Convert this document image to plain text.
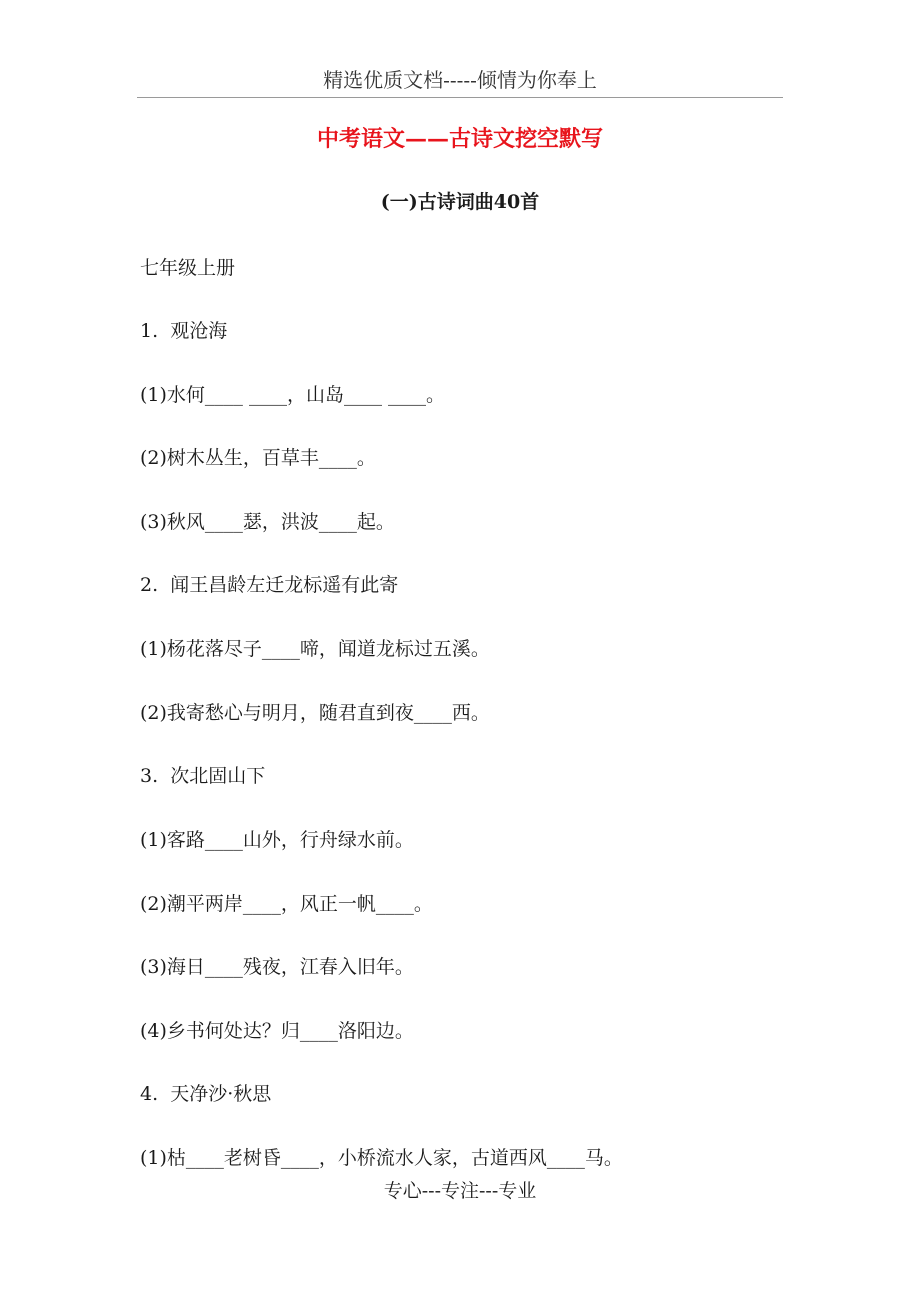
精选优质文档-----倾情为你奉上
中考语文——古诗文挖空默写
(一)古诗词曲40首
七年级上册
1.  观沧海
(1)水何____ ____，山岛____ ____。
(2)树木丛生，百草丰____。
(3)秋风____瑟，洪波____起。
2.  闻王昌龄左迁龙标遥有此寄
(1)杨花落尽子____啼，闻道龙标过五溪。
(2)我寄愁心与明月，随君直到夜____西。
3.  次北固山下
(1)客路____山外，行舟绿水前。
(2)潮平两岸____，风正一帆____。
(3)海日____残夜，江春入旧年。
(4)乡书何处达？归____洛阳边。
4.  天净沙·秋思
(1)枯____老树昏____，小桥流水人家，古道西风____马。
专心---专注---专业
